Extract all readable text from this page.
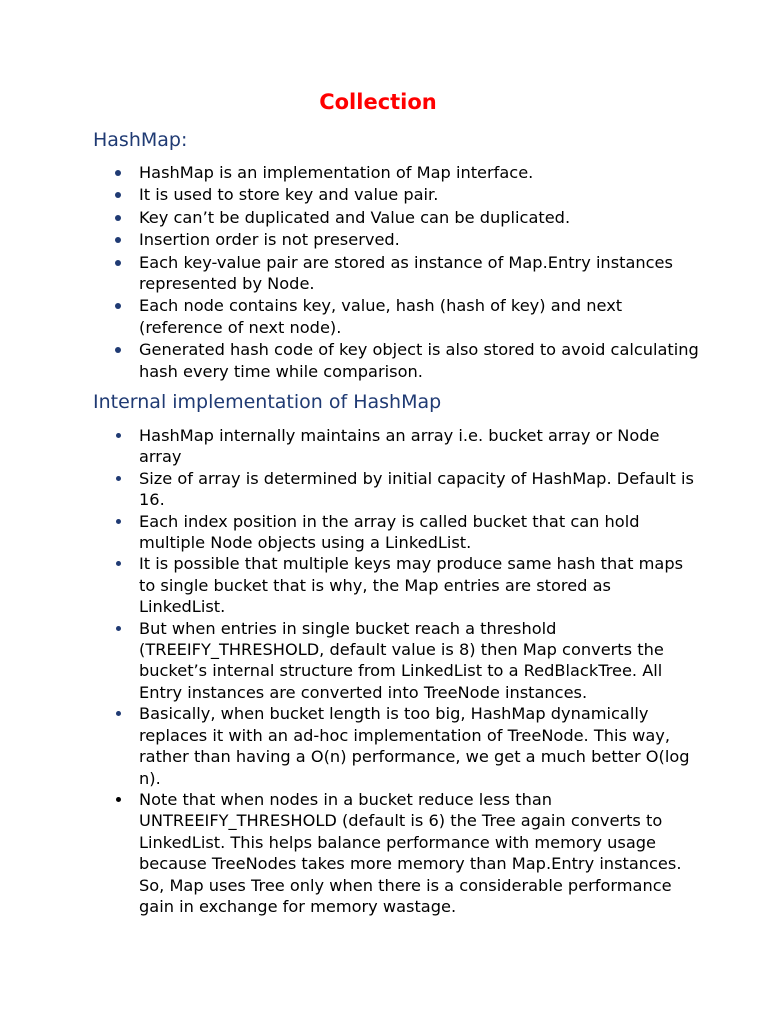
Collection
HashMap:
HashMap is an implementation of Map interface.
It is used to store key and value pair.
Key can’t be duplicated and Value can be duplicated.
Insertion order is not preserved.
Each key-value pair are stored as instance of Map.Entry instances represented by Node.
Each node contains key, value, hash (hash of key) and next (reference of next node).
Generated hash code of key object is also stored to avoid calculating hash every time while comparison.
Internal implementation of HashMap
HashMap internally maintains an array i.e. bucket array or Node array
Size of array is determined by initial capacity of HashMap. Default is 16.
Each index position in the array is called bucket that can hold multiple Node objects using a LinkedList.
It is possible that multiple keys may produce same hash that maps to single bucket that is why, the Map entries are stored as LinkedList.
But when entries in single bucket reach a threshold (TREEIFY_THRESHOLD, default value is 8) then Map converts the bucket’s internal structure from LinkedList to a RedBlackTree. All Entry instances are converted into TreeNode instances.
Basically, when bucket length is too big, HashMap dynamically replaces it with an ad-hoc implementation of TreeNode. This way, rather than having a O(n) performance, we get a much better O(log n).
Note that when nodes in a bucket reduce less than UNTREEIFY_THRESHOLD (default is 6) the Tree again converts to LinkedList. This helps balance performance with memory usage because TreeNodes takes more memory than Map.Entry instances. So, Map uses Tree only when there is a considerable performance gain in exchange for memory wastage.
